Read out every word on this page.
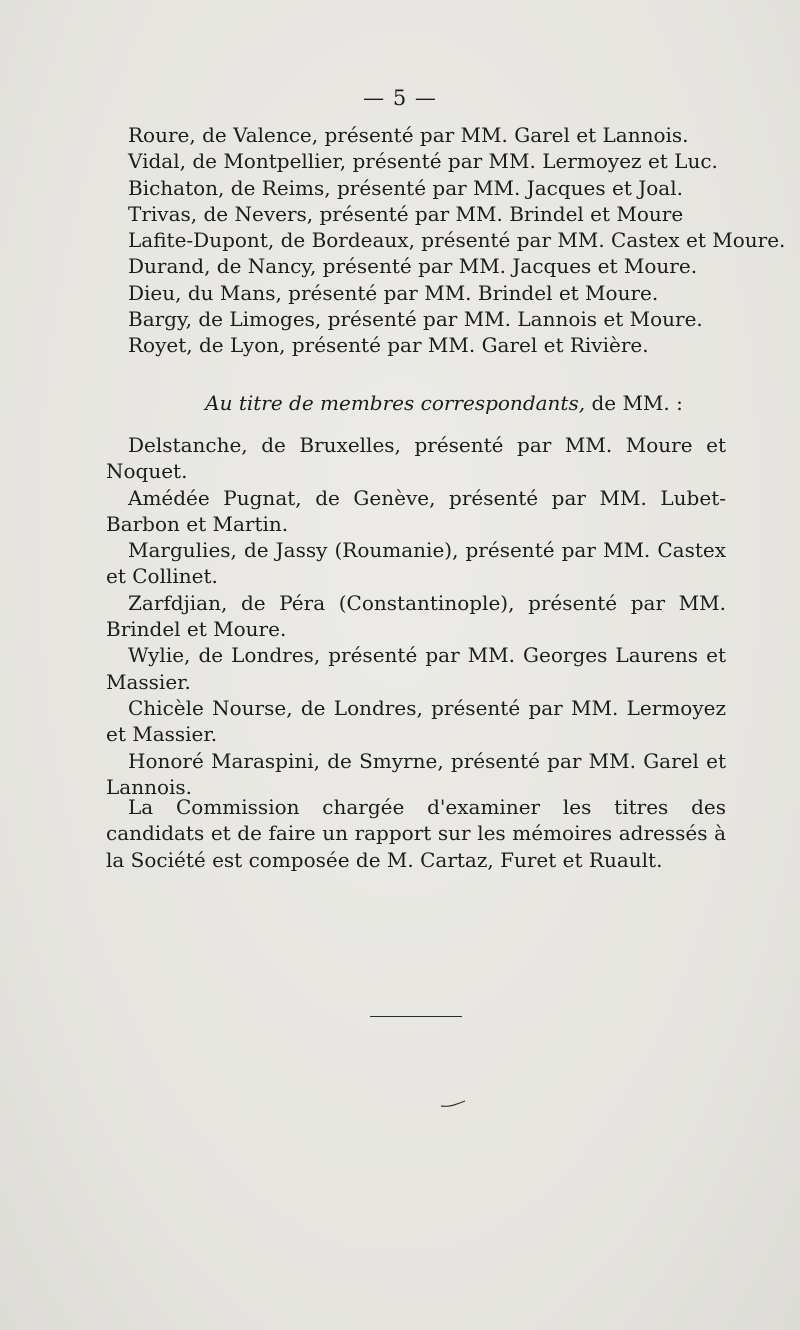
— 5 —
Roure, de Valence, présenté par MM. Garel et Lannois.
Vidal, de Montpellier, présenté par MM. Lermoyez et Luc.
Bichaton, de Reims, présenté par MM. Jacques et Joal.
Trivas, de Nevers, présenté par MM. Brindel et Moure
Lafite-Dupont, de Bordeaux, présenté par MM. Castex et Moure.
Durand, de Nancy, présenté par MM. Jacques et Moure.
Dieu, du Mans, présenté par MM. Brindel et Moure.
Bargy, de Limoges, présenté par MM. Lannois et Moure.
Royet, de Lyon, présenté par MM. Garel et Rivière.
Au titre de membres correspondants, de MM. :
Delstanche, de Bruxelles, présenté par MM. Moure et Noquet.
Amédée Pugnat, de Genève, présenté par MM. Lubet-Barbon et Martin.
Margulies, de Jassy (Roumanie), présenté par MM. Castex et Collinet.
Zarfdjian, de Péra (Constantinople), présenté par MM. Brindel et Moure.
Wylie, de Londres, présenté par MM. Georges Laurens et Massier.
Chicèle Nourse, de Londres, présenté par MM. Lermoyez et Massier.
Honoré Maraspini, de Smyrne, présenté par MM. Garel et Lannois.
La Commission chargée d'examiner les titres des candidats et de faire un rapport sur les mémoires adressés à la Société est composée de M. Cartaz, Furet et Ruault.
